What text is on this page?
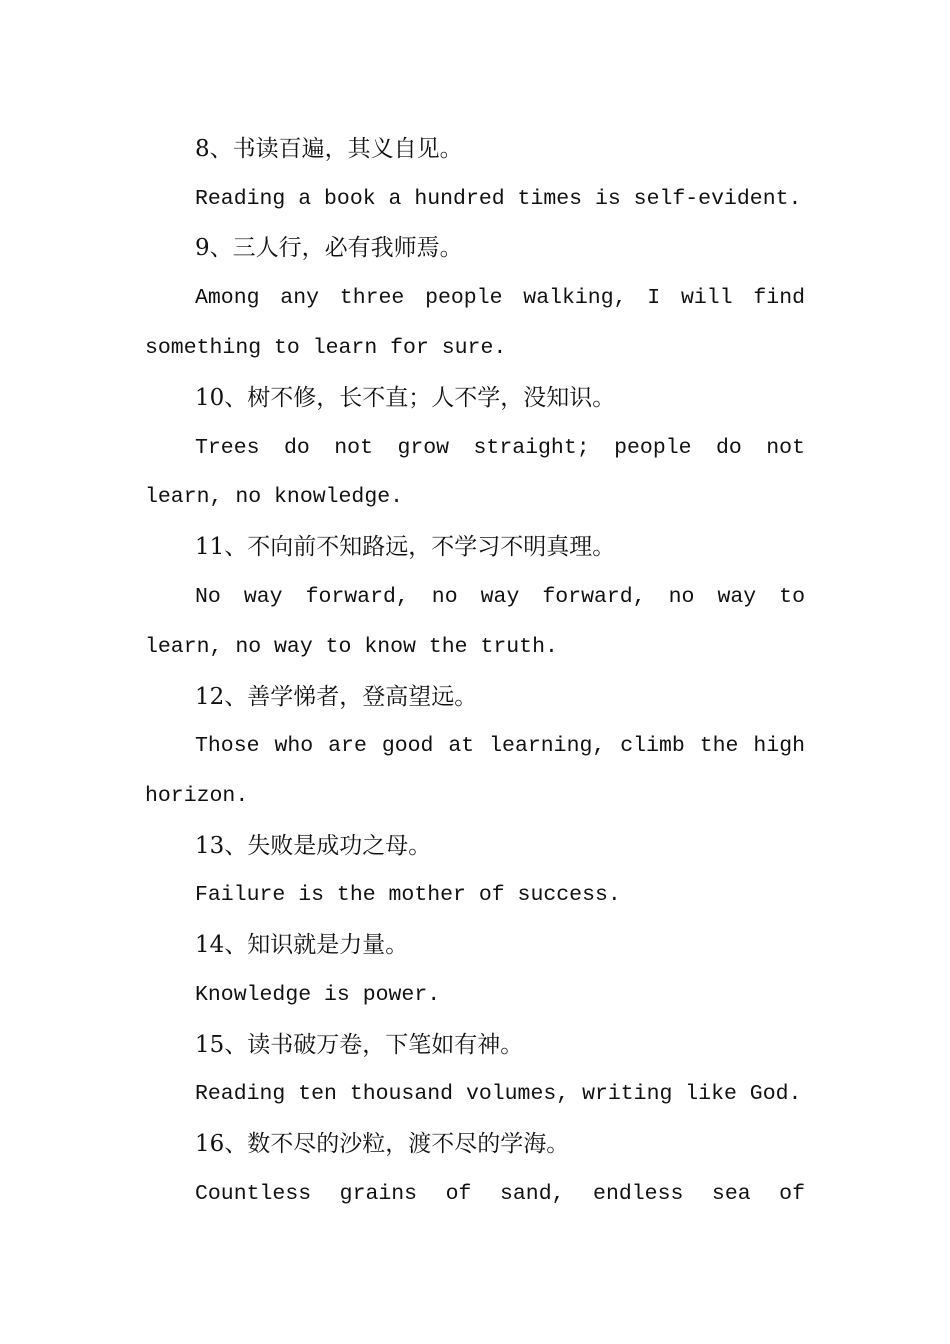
8、书读百遍，其义自见。
Reading a book a hundred times is self-evident.
9、三人行，必有我师焉。
Among any three people walking, I will find
something to learn for sure.
10、树不修，长不直；人不学，没知识。
Trees do not grow straight; people do not
learn, no knowledge.
11、不向前不知路远，不学习不明真理。
No way forward, no way forward, no way to
learn, no way to know the truth.
12、善学悌者，登高望远。
Those who are good at learning, climb the high
horizon.
13、失败是成功之母。
Failure is the mother of success.
14、知识就是力量。
Knowledge is power.
15、读书破万卷，下笔如有神。
Reading ten thousand volumes, writing like God.
16、数不尽的沙粒，渡不尽的学海。
Countless grains of sand, endless sea of
